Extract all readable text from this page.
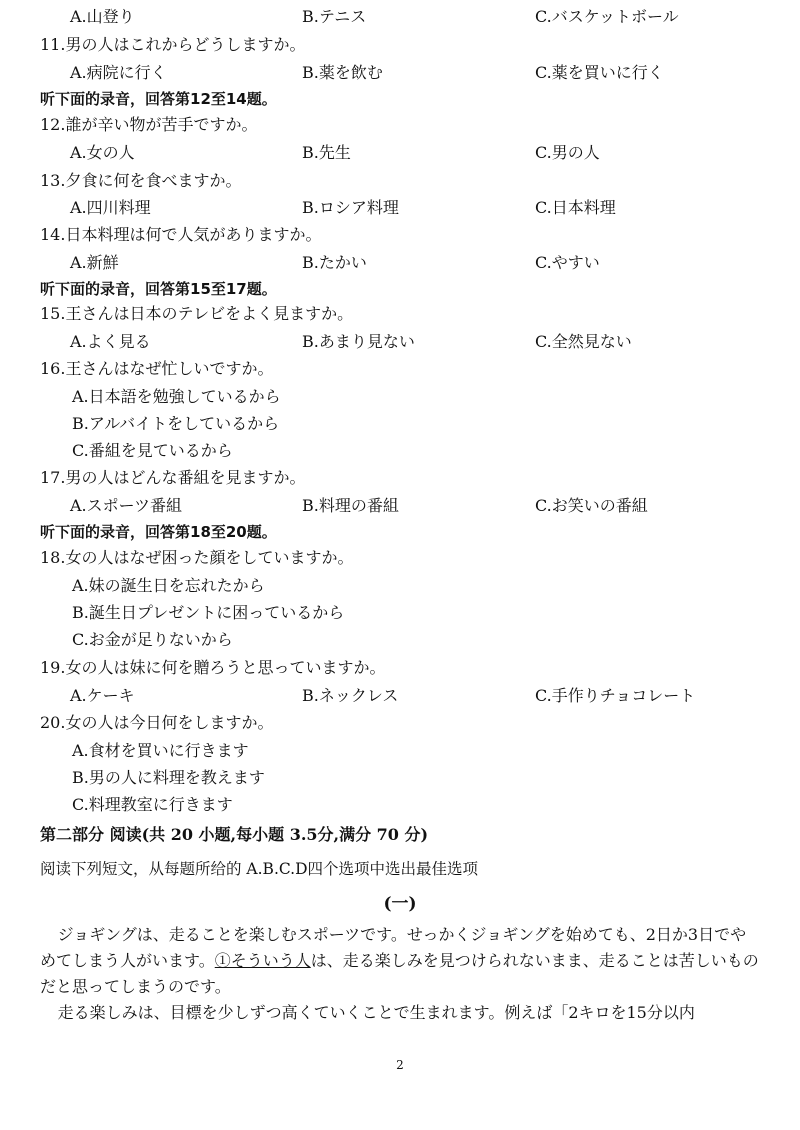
A.山登り	B.テニス	C.バスケットボール
11.男の人はこれからどうしますか。
A.病院に行く	B.薬を飲む	C.薬を買いに行く
听下面的录音，回答第12至14题。
12.誰が辛い物が苦手ですか。
A.女の人	B.先生	C.男の人
13.夕食に何を食べますか。
A.四川料理	B.ロシア料理	C.日本料理
14.日本料理は何で人気がありますか。
A.新鮮	B.たかい	C.やすい
听下面的录音，回答第15至17题。
15.王さんは日本のテレビをよく見ますか。
A.よく見る	B.あまり見ない	C.全然見ない
16.王さんはなぜ忙しいですか。
A.日本語を勉強しているから
B.アルバイトをしているから
C.番組を見ているから
17.男の人はどんな番組を見ますか。
A.スポーツ番組	B.料理の番組	C.お笑いの番組
听下面的录音，回答第18至20题。
18.女の人はなぜ困った顔をしていますか。
A.妹の誕生日を忘れたから
B.誕生日プレゼントに困っているから
C.お金が足りないから
19.女の人は妹に何を贈ろうと思っていますか。
A.ケーキ	B.ネックレス	C.手作りチョコレート
20.女の人は今日何をしますか。
A.食材を買いに行きます
B.男の人に料理を教えます
C.料理教室に行きます
第二部分 阅读(共 20 小题,每小题 3.5分,满分 70 分)
阅读下列短文，从每题所给的 A.B.C.D四个选项中选出最佳选项
(一)

ジョギングは、走ることを楽しむスポーツです。せっかくジョギングを始めても、2日か3日でやめてしまう人がいます。①そういう人は、走る楽しみを見つけられないまま、走ることは苦しいものだと思ってしまうのです。

走る楽しみは、目標を少しずつ高くていくことで生まれます。例えば「2キロを15分以内

2
